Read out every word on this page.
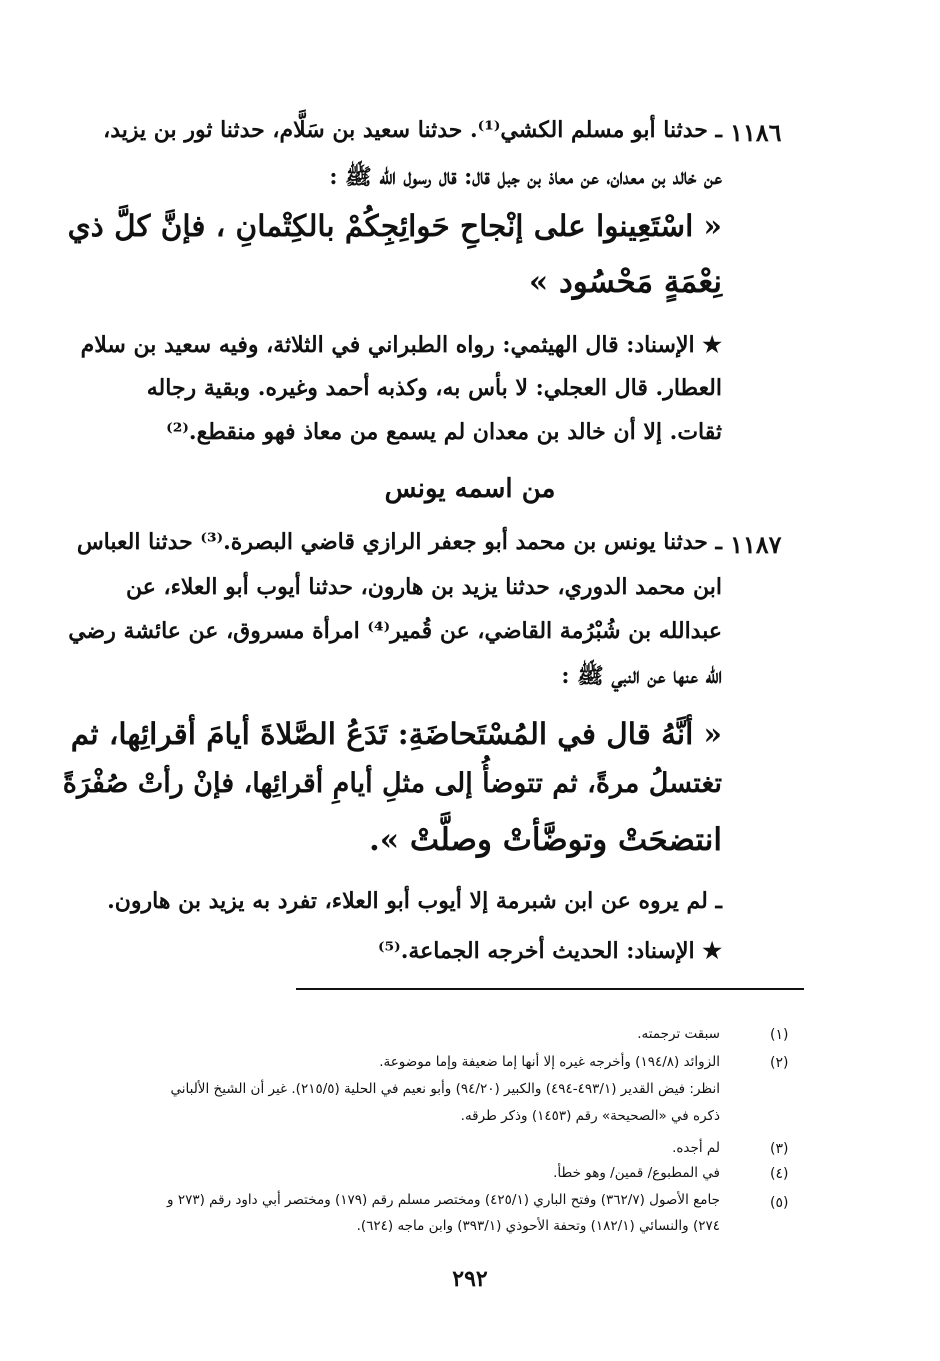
١١٨٦
ـ حدثنا أبو مسلم الكشي⁽¹⁾. حدثنا سعيد بن سَلَّام، حدثنا ثور بن يزيد،
عن خالد بن معدان، عن معاذ بن جبل قال: قال رسول الله ﷺ :
« اسْتَعِينوا على إنْجاحِ حَوائِجِكُمْ بالكِتْمانِ ، فإنَّ كلَّ ذي
نِعْمَةٍ مَحْسُود »
★ الإسناد: قال الهيثمي: رواه الطبراني في الثلاثة، وفيه سعيد بن سلام
العطار. قال العجلي: لا بأس به، وكذبه أحمد وغيره. وبقية رجاله
ثقات. إلا أن خالد بن معدان لم يسمع من معاذ فهو منقطع.⁽²⁾
من اسمه يونس
١١٨٧
ـ حدثنا يونس بن محمد أبو جعفر الرازي قاضي البصرة.⁽³⁾ حدثنا العباس
ابن محمد الدوري، حدثنا يزيد بن هارون، حدثنا أيوب أبو العلاء، عن
عبدالله بن شُبْرُمة القاضي، عن قُمير⁽⁴⁾ امرأة مسروق، عن عائشة رضي
الله عنها عن النبي ﷺ :
« أنَّهُ قال في المُسْتَحاضَةِ: تَدَعُ الصَّلاةَ أيامَ أقرائِها، ثم
تغتسلُ مرةً، ثم تتوضأُ إلى مثلِ أيامِ أقرائِها، فإنْ رأتْ صُفْرَةً
انتضحَتْ وتوضَّأتْ وصلَّتْ ».
ـ لم يروه عن ابن شبرمة إلا أيوب أبو العلاء، تفرد به يزيد بن هارون.
★ الإسناد: الحديث أخرجه الجماعة.⁽⁵⁾
(١)
سبقت ترجمته.
(٢)
الزوائد (١٩٤/٨) وأخرجه غيره إلا أنها إما ضعيفة وإما موضوعة.
انظر: فيض القدير (٤٩٣/١-٤٩٤) والكبير (٩٤/٢٠) وأبو نعيم في الحلية (٢١٥/٥). غير أن الشيخ الألباني
ذكره في «الصحيحة» رقم (١٤٥٣) وذكر طرقه.
(٣)
لم أجده.
(٤)
في المطبوع/ قمين/ وهو خطأ.
(٥)
جامع الأصول (٣٦٢/٧) وفتح الباري (٤٢٥/١) ومختصر مسلم رقم (١٧٩) ومختصر أبي داود رقم (٢٧٣ و
٢٧٤) والنسائي (١٨٢/١) وتحفة الأحوذي (٣٩٣/١) وابن ماجه (٦٢٤).
٢٩٢
